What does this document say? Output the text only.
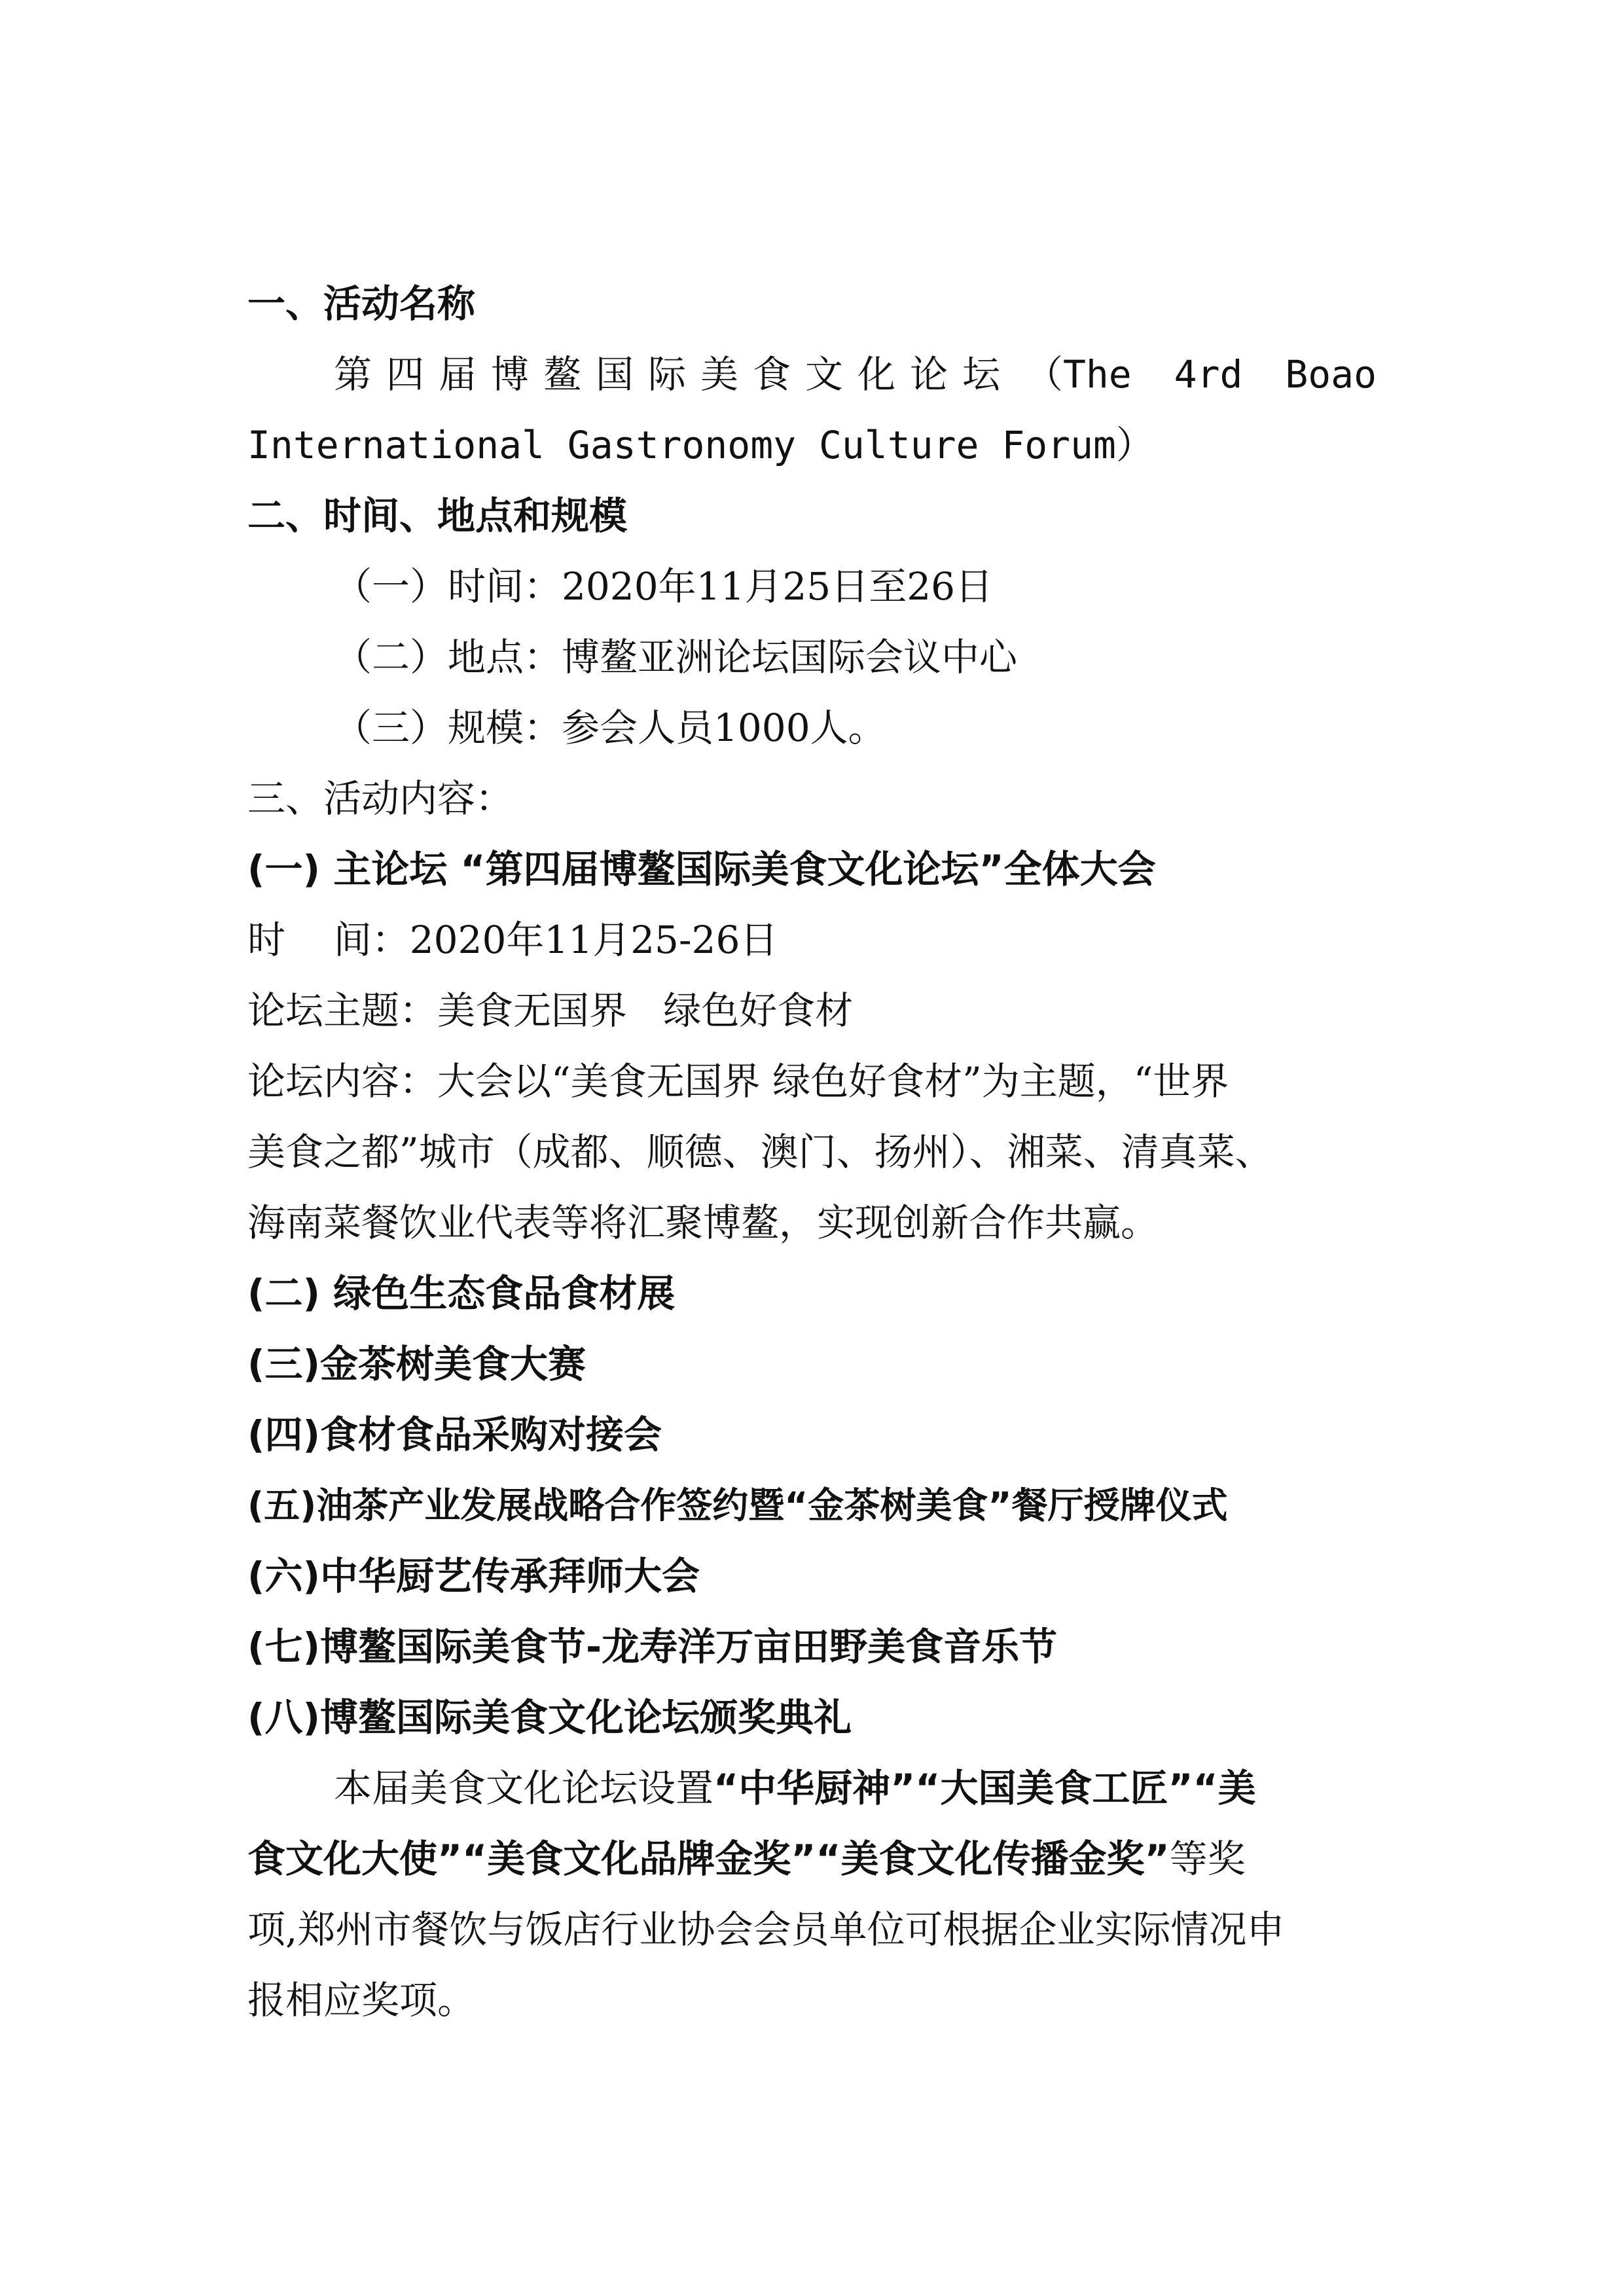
一、活动名称
第四届博鳌国际美食文化论坛 （The 4rd Boao
International Gastronomy Culture Forum）
二、时间、地点和规模
（一）时间：2020年11月25日至26日
（二）地点：博鳌亚洲论坛国际会议中心
（三）规模：参会人员1000人。
三、活动内容：
(一) 主论坛 “第四届博鳌国际美食文化论坛”全体大会
时    间：2020年11月25-26日
论坛主题：美食无国界   绿色好食材
论坛内容：大会以“美食无国界 绿色好食材”为主题，“世界
美食之都”城市（成都、顺德、澳门、扬州）、湘菜、清真菜、
海南菜餐饮业代表等将汇聚博鳌，实现创新合作共赢。
(二) 绿色生态食品食材展
(三)金茶树美食大赛
(四)食材食品采购对接会
(五)油茶产业发展战略合作签约暨“金茶树美食”餐厅授牌仪式
(六)中华厨艺传承拜师大会
(七)博鳌国际美食节-龙寿洋万亩田野美食音乐节
(八)博鳌国际美食文化论坛颁奖典礼
本届美食文化论坛设置“中华厨神”“大国美食工匠”“美
食文化大使”“美食文化品牌金奖”“美食文化传播金奖”等奖
项,郑州市餐饮与饭店行业协会会员单位可根据企业实际情况申
报相应奖项。
